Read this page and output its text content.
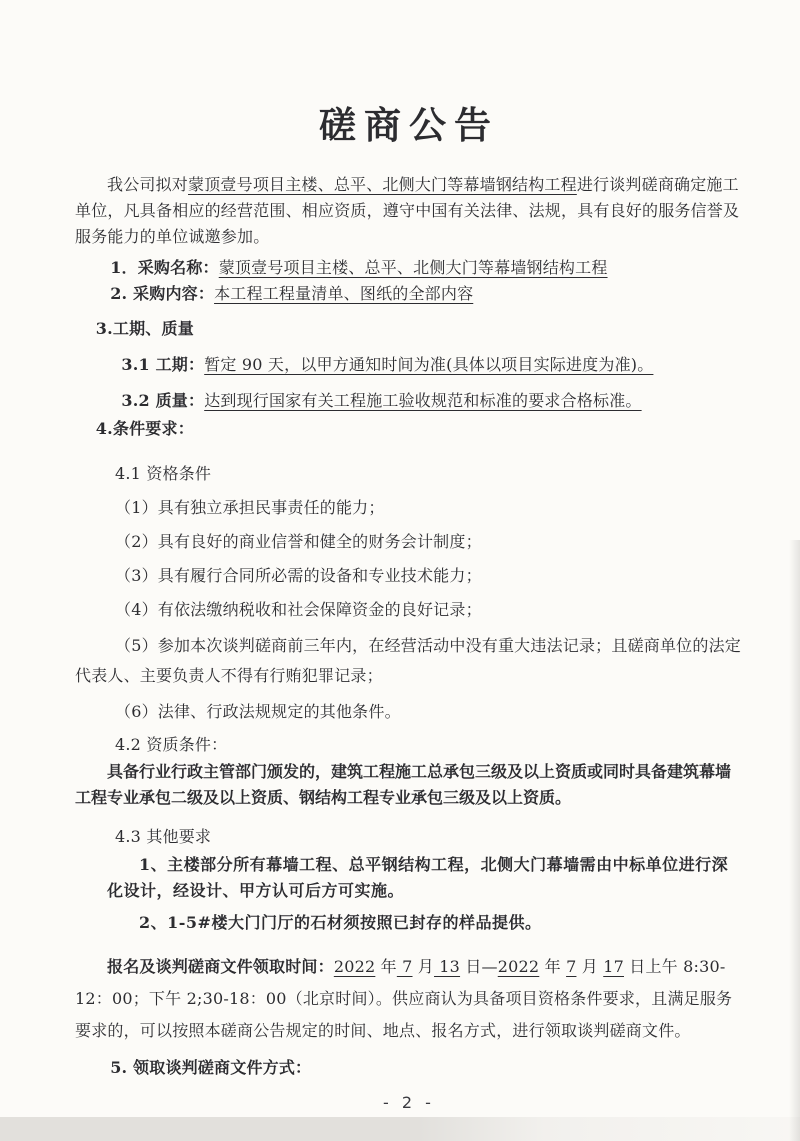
磋商公告

我公司拟对蒙顶壹号项目主楼、总平、北侧大门等幕墙钢结构工程进行谈判磋商确定施工单位，凡具备相应的经营范围、相应资质，遵守中国有关法律、法规，具有良好的服务信誉及服务能力的单位诚邀参加。

1．采购名称：蒙顶壹号项目主楼、总平、北侧大门等幕墙钢结构工程

2. 采购内容：本工程工程量清单、图纸的全部内容

3.工期、质量

3.1 工期：暂定 90 天，以甲方通知时间为准(具体以项目实际进度为准)。

3.2 质量：达到现行国家有关工程施工验收规范和标准的要求合格标准。

4.条件要求：

4.1 资格条件

（1）具有独立承担民事责任的能力；

（2）具有良好的商业信誉和健全的财务会计制度；

（3）具有履行合同所必需的设备和专业技术能力；

（4）有依法缴纳税收和社会保障资金的良好记录；

（5）参加本次谈判磋商前三年内，在经营活动中没有重大违法记录；且磋商单位的法定代表人、主要负责人不得有行贿犯罪记录；

（6）法律、行政法规规定的其他条件。

4.2 资质条件：

具备行业行政主管部门颁发的，建筑工程施工总承包三级及以上资质或同时具备建筑幕墙工程专业承包二级及以上资质、钢结构工程专业承包三级及以上资质。

4.3 其他要求

1、主楼部分所有幕墙工程、总平钢结构工程，北侧大门幕墙需由中标单位进行深化设计，经设计、甲方认可后方可实施。

2、1-5#楼大门门厅的石材须按照已封存的样品提供。

报名及谈判磋商文件领取时间：2022 年 7 月 13 日—2022 年 7 月 17 日上午 8:30-12：00；下午 2;30-18：00（北京时间）。供应商认为具备项目资格条件要求，且满足服务要求的，可以按照本磋商公告规定的时间、地点、报名方式，进行领取谈判磋商文件。

5. 领取谈判磋商文件方式：

- 2 -
